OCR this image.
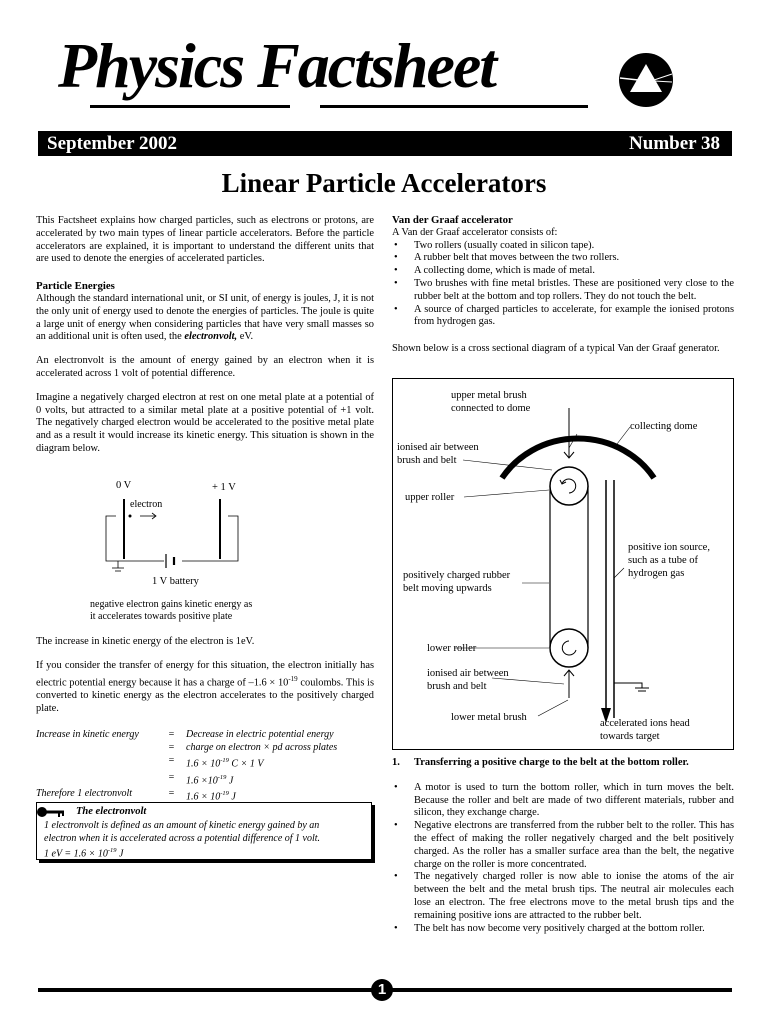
Physics Factsheet
September 2002	Number 38
Linear Particle Accelerators

This Factsheet explains how charged particles, such as electrons or protons, are accelerated by two main types of linear particle accelerators. Before the particle accelerators are explained, it is important to understand the different units that are used to denote the energies of accelerated particles.

Particle Energies

Although the standard international unit, or SI unit, of energy is joules, J, it is not the only unit of energy used to denote the energies of particles. The joule is quite a large unit of energy when considering particles that have very small masses so an additional unit is often used, the electronvolt, eV.

An electronvolt is the amount of energy gained by an electron when it is accelerated across 1 volt of potential difference.

Imagine a negatively charged electron at rest on one metal plate at a potential of 0 volts, but attracted to a similar metal plate at a positive potential of +1 volt. The negatively charged electron would be accelerated to the positive metal plate and as a result it would increase its kinetic energy. This situation is shown in the diagram below.

0 V	+ 1 V
electron
1 V battery
negative electron gains kinetic energy as
it accelerates towards positive plate

The increase in kinetic energy of the electron is 1eV.

If you consider the transfer of energy for this situation, the electron initially has electric potential energy because it has a charge of $-1.6 \times 10^{-19}$ coulombs. This is converted to kinetic energy as the electron accelerates to the positively charged plate.

Increase in kinetic energy	=	Decrease in electric potential energy
	=	charge on electron × pd across plates
	=	$1.6 \times 10^{-19}$ C × 1 V
	=	$1.6 \times 10^{-19}$ J
Therefore 1 electronvolt	=	$1.6 \times 10^{-19}$ J
The electronvolt
1 electronvolt is defined as an amount of kinetic energy gained by an
electron when it is accelerated across a potential difference of 1 volt.
1 eV = $1.6 \times 10^{-19}$ J
Van der Graaf accelerator

A Van der Graaf accelerator consists of:

• Two rollers (usually coated in silicon tape).
• A rubber belt that moves between the two rollers.
• A collecting dome, which is made of metal.
• Two brushes with fine metal bristles. These are positioned very close to the rubber belt at the bottom and top rollers. They do not touch the belt.
• A source of charged particles to accelerate, for example the ionised protons from hydrogen gas.

Shown below is a cross sectional diagram of a typical Van der Graaf generator.

upper metal brush
connected to dome
collecting dome
ionised air between
brush and belt
upper roller
positive ion source,
such as a tube of
hydrogen gas
positively charged rubber
belt moving upwards
lower roller
ionised air between
brush and belt
lower metal brush
accelerated ions head
towards target
1. Transferring a positive charge to the belt at the bottom roller.
• A motor is used to turn the bottom roller, which in turn moves the belt. Because the roller and belt are made of two different materials, rubber and silicon, they exchange charge.
• Negative electrons are transferred from the rubber belt to the roller. This has the effect of making the roller negatively charged and the belt positively charged. As the roller has a smaller surface area than the belt, the negative charge on the roller is more concentrated.
• The negatively charged roller is now able to ionise the atoms of the air between the belt and the metal brush tips. The neutral air molecules each lose an electron. The free electrons move to the metal brush tips and the remaining positive ions are attracted to the rubber belt.
• The belt has now become very positively charged at the bottom roller.
1
